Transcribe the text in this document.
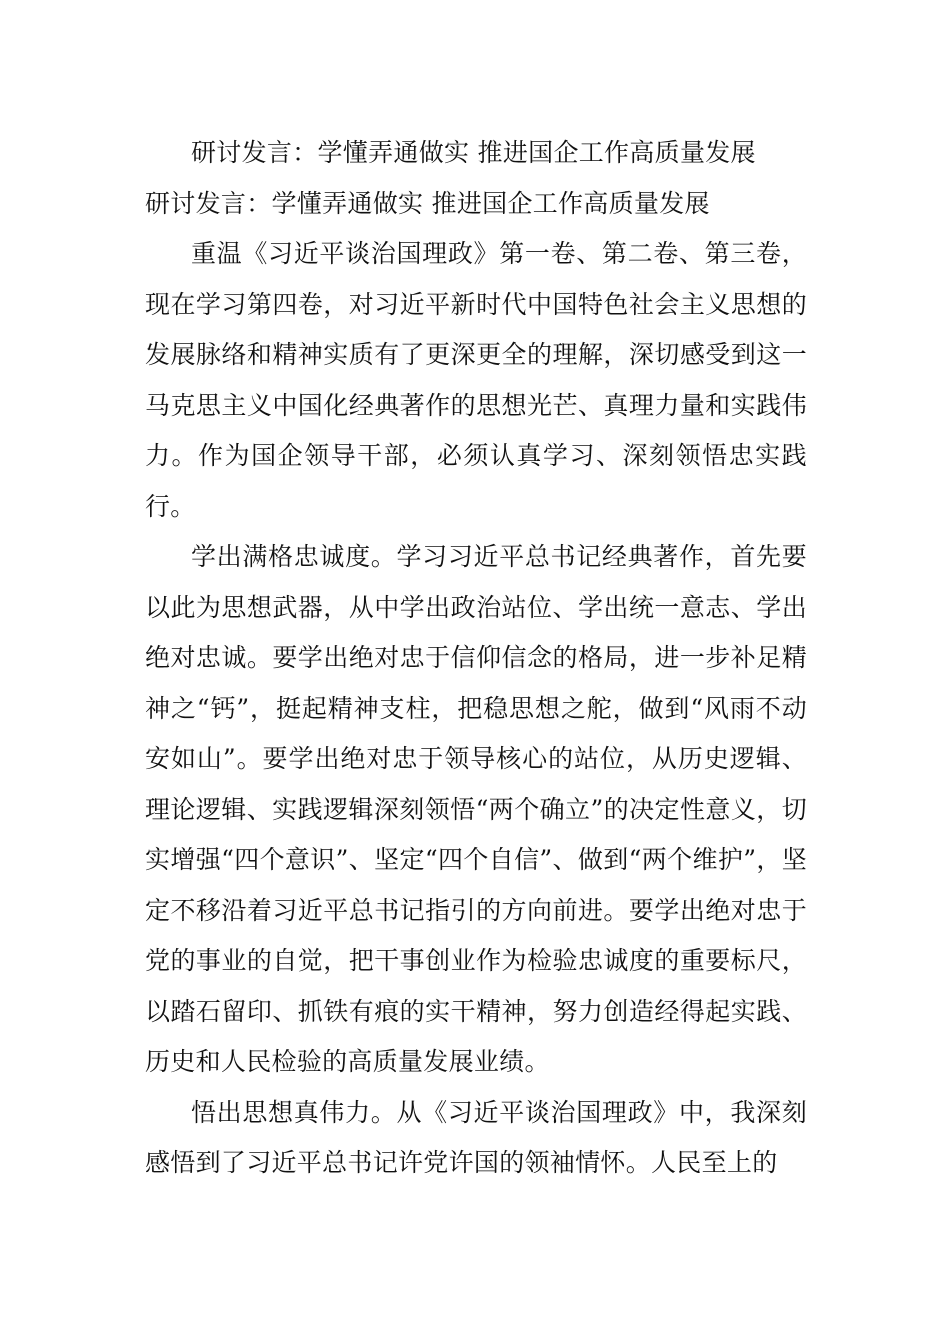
研讨发言：学懂弄通做实 推进国企工作高质量发展

研讨发言：学懂弄通做实 推进国企工作高质量发展

重温《习近平谈治国理政》第一卷、第二卷、第三卷，现在学习第四卷，对习近平新时代中国特色社会主义思想的发展脉络和精神实质有了更深更全的理解，深切感受到这一马克思主义中国化经典著作的思想光芒、真理力量和实践伟力。作为国企领导干部，必须认真学习、深刻领悟忠实践行。

学出满格忠诚度。学习习近平总书记经典著作，首先要以此为思想武器，从中学出政治站位、学出统一意志、学出绝对忠诚。要学出绝对忠于信仰信念的格局，进一步补足精神之“钙”，挺起精神支柱，把稳思想之舵，做到“风雨不动安如山”。要学出绝对忠于领导核心的站位，从历史逻辑、理论逻辑、实践逻辑深刻领悟“两个确立”的决定性意义，切实增强“四个意识”、坚定“四个自信”、做到“两个维护”，坚定不移沿着习近平总书记指引的方向前进。要学出绝对忠于党的事业的自觉，把干事创业作为检验忠诚度的重要标尺，以踏石留印、抓铁有痕的实干精神，努力创造经得起实践、历史和人民检验的高质量发展业绩。

悟出思想真伟力。从《习近平谈治国理政》中，我深刻感悟到了习近平总书记许党许国的领袖情怀。人民至上的
